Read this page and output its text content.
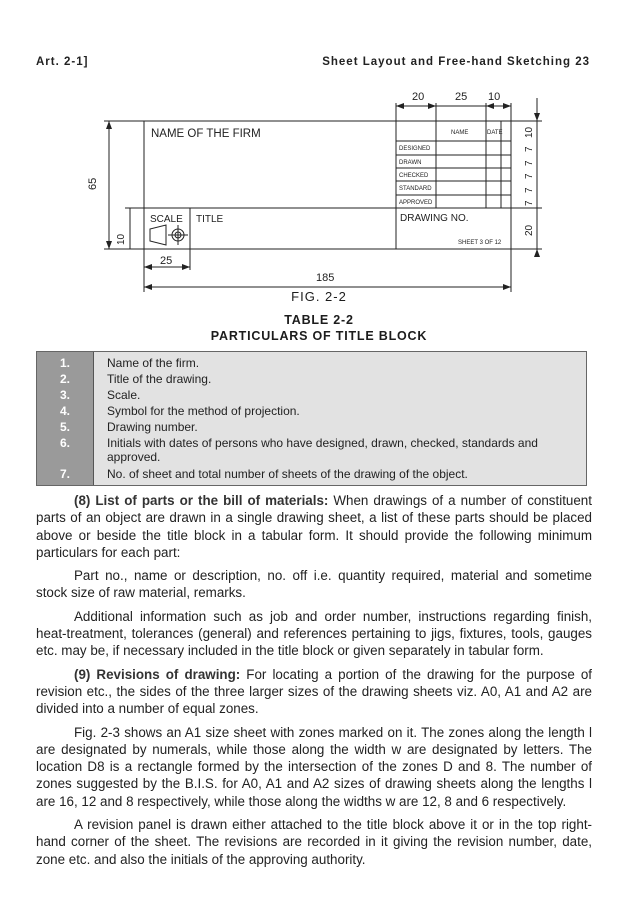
Art. 2-1]	Sheet Layout and Free-hand Sketching 23
20	25 10
65
10
25
185
10
7
7
7
7
7
20
NAME OF THE FIRM	NAME	DATE
DESIGNED
DRAWN
CHECKED
STANDARD
APPROVED
SCALE TITLE	DRAWING NO.
SHEET 3 OF 12
FIG. 2-2
TABLE 2-2
PARTICULARS OF TITLE BLOCK
1.	Name of the firm.
2.	Title of the drawing.
3.	Scale.
4.	Symbol for the method of projection.
5.	Drawing number.
6.	Initials with dates of persons who have designed, drawn, checked, standards and approved.
7.	No. of sheet and total number of sheets of the drawing of the object.

(8) List of parts or the bill of materials: When drawings of a number of constituent parts of an object are drawn in a single drawing sheet, a list of these parts should be placed above or beside the title block in a tabular form. It should provide the following minimum particulars for each part:

Part no., name or description, no. off i.e. quantity required, material and sometime stock size of raw material, remarks.

Additional information such as job and order number, instructions regarding finish, heat-treatment, tolerances (general) and references pertaining to jigs, fixtures, tools, gauges etc. may be, if necessary included in the title block or given separately in tabular form.

(9) Revisions of drawing: For locating a portion of the drawing for the purpose of revision etc., the sides of the three larger sizes of the drawing sheets viz. A0, A1 and A2 are divided into a number of equal zones.

Fig. 2-3 shows an A1 size sheet with zones marked on it. The zones along the length l are designated by numerals, while those along the width w are designated by letters. The location D8 is a rectangle formed by the intersection of the zones D and 8. The number of zones suggested by the B.I.S. for A0, A1 and A2 sizes of drawing sheets along the lengths l are 16, 12 and 8 respectively, while those along the widths w are 12, 8 and 6 respectively.

A revision panel is drawn either attached to the title block above it or in the top right-hand corner of the sheet. The revisions are recorded in it giving the revision number, date, zone etc. and also the initials of the approving authority.
